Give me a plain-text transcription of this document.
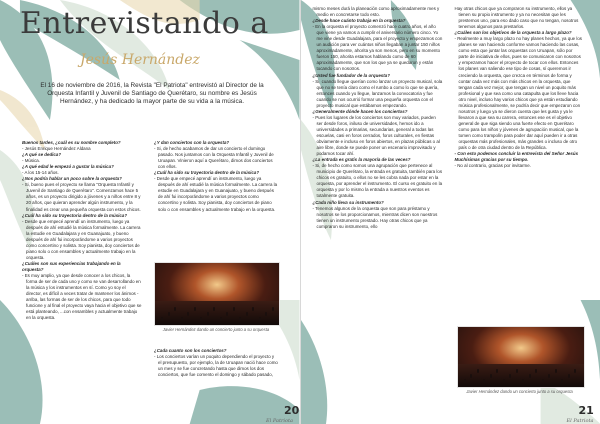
Entrevistando a
Jesús Hernández
El 16 de noviembre de 2016, la Revista "El Patriota" entrevistó al Director de la Orquesta Infantil y Juvenil de Santiago de Querétaro, su nombre es Jesús Hernández, y ha dedicado la mayor parte de su vida a la música.

Buenos tardes, ¿cuál es su nombre completo?

- Jesús Enrique Hernández Aldana

¿A qué se dedica?

- Música.

¿A qué edad le empezó a gustar la música?

- A los 15-14 años.

¿Nos podría hablar un poco sobre la orquesta?

- Si, bueno pues el proyecto se llama "Orquesta Infantil y Juvenil de Santiago de Querétaro". Comenzamos hace 5 años, es un proyecto dirigido a jóvenes y a niños entre 8 y 20 años, que quieran aprender algún instrumento, y la finalidad es crear una pequeña orquesta con estos chicos.

¿Cuál ha sido su trayectoria dentro de la música?

- Desde que empecé aprendí un instrumento, luego ya después de ahí estudié la música formalmente. La carrera la estudie en Guadalajara y en Guanajuato, y bueno después de ahí fui incorporándome a varios proyectos como concertino y solista. Soy pianista, doy conciertos de piano solo o con ensambles y actualmente trabajo en la orquesta.

¿Cuáles son sus experiencias trabajando en la orquesta?

- Es muy amplio, ya que desde conocer a los chicos, la forma de ser de cada uno y como se van desarrollando en la música y los instrumentos en sí. Como yo soy el director, es difícil a veces tratar de mantener los ánimos - arriba, las formas de ser de los chicos, para que todo funcione y al final el proyecto vaya hacia el objetivo que se está planteando, ...con ensambles y actualmente trabajo en la orquesta.

¿Y dan conciertos con la orquesta?

- Si, de hecho acabamos de dar un concierto el domingo pasado. Nos juntamos con la Orquesta Infantil y Juvenil de Uruapan. Vinieron aquí a Querétaro, dimos dos conciertos con ellos.

¿Cuál ha sido su trayectoria dentro de la música?

- Desde que empecé aprendí un instrumento, luego ya después de ahí estudié la música formalmente. La carrera la estudie en Guadalajara y en Guanajuato, y bueno después de ahí fui incorporándome a varios proyectos como concertino y solista. Soy pianista, doy conciertos de piano solo o con ensambles y actualmente trabajo en la orquesta.

Javier Hernández dando un concierto junto a su orquesta

¿Cada cuanto son los conciertos?

- Los conciertos varían un poquito dependiendo el proyecto y el presupuesto, por ejemplo, la de Uruapan nació hace como un mes y se fue concretando hasta que dimos los dos conciertos, que fue comento el domingo y sábado pasado,

20
El Patriota

mismo meses durá la planeación como aproximadamente mes y medio en concretarse todo esto.

¿Desde hace cuánto trabaja en la orquesta?

- En la orquesta el proyecto comenzó hace cuatro años, el año que viene ya vamos a cumplir el aniversario número cinco. Yo me vine desde Guadalajara, para el proyecto y empezamos con un audición para ver cuántos niños llegaban a juntar 150 niños aproximadamente, ahorita ya son menos, pero en su momento fueron 150, ahorita estamos hablando como de 60 aproximadamente, que son los que ya se quedaron y están tocando con nosotros.

¿Usted fue fundador de la orquesta?

- Si, cuando llegue querían como lanzar un proyecto musical, sola que no se tenía claro como el rumbo a como lo que se quería, entonces cuando yo llegue, lanzamos la convocatoria y fue cuando se nos ocurrió formar una pequeña orquesta con el proyecto musical que estábamos empezando.

¿Generalmente dónde hacen los conciertos?

- Pues los lugares de los conciertos son muy variados, pueden ser desde foros, iniluso de universidades, hemos ido a universidades a primarias, secundarias, general a todas las escuelas, casi en foros cerrados, foros culturales, en fiestas obviamente e incluso en foros abiertos, en plazas públicas o al aire libre, donde se puede poner un escenario improvisado y podamos tocar ahí.

¿La entrada es gratis la mayoría de las veces?

- Si, de hecho como somos una agrupación que pertenece al municipio de Querétaro, la entrada es gratuita, también para los chicos es gratuito, o ellos no se les cobra nada por estar en la orquesta, por aprender el instrumento. El curso es gratuito en la orquesta y por lo mismo la entrada a nuestros eventos es totalmente gratuita.

¿Cada niño lleva su instrumento?

- Tenemos algunos de la orquesta que son para préstamo y nosotros se los proporcionamos, mientras dicen son nuestros tienen un instrumento prestado. Hay otras chicos que ya compraron su instrumento, ello

Hay otras chicos que ya compraron su instrumento, ellos ya tienen su propio instrumento y ya no necesitan que les prestemos uno, para eso dado caso que no tengan, nosotros tenemos algunos para prestarlos.

¿Cuáles son los objetivos de la orquesta a largo plazo?

- Realmente a muy largo plazo no hay planes hechos, ya que los planes se van haciendo conforme vamos haciendo las cosas, como esta que juntar las orquestas con Uruapan, sólo por parte de iniciativa de ellos, pues se comunicaron con nosotros y empezamos hacer el proyecto de tocar con ellos. Entonces los planes van saliendo ese tipo de cosas, sí queremos ir creciendo la orquesta, que crezca en términos de forma y contar cada vez más con más chicos en la orquesta, que tengan cada vez mejor, que tengan un nivel un poquito más profesional y que sea como una catapulta que los lleve hacia otro nivel, incluso hay varios chicos que ya están estudiando música profesionalmente, se podría decir que empezaron con nosotros y luego ya se dieron cuenta que les gusta y ya le llevaron a que sea su carrera, entonces ese es el objetivo general de que siga siendo una fuerte efecto en Querétaro como para los niños y jóvenes de agrupación musical, que la tomen como trampolín para poder dar aquí pueden ir a otras orquestas más profesionales, más grandes o incluso de otro país o de otra ciudad dentro de la República.

- Con esto podemos concluir la entrevista del Señor Jesús Muchísimas gracias por su tiempo.

- No al contrario, gracias por invitarme.

Javier Hernández dando un concierto junto a su orquesta
21
El Patriota
